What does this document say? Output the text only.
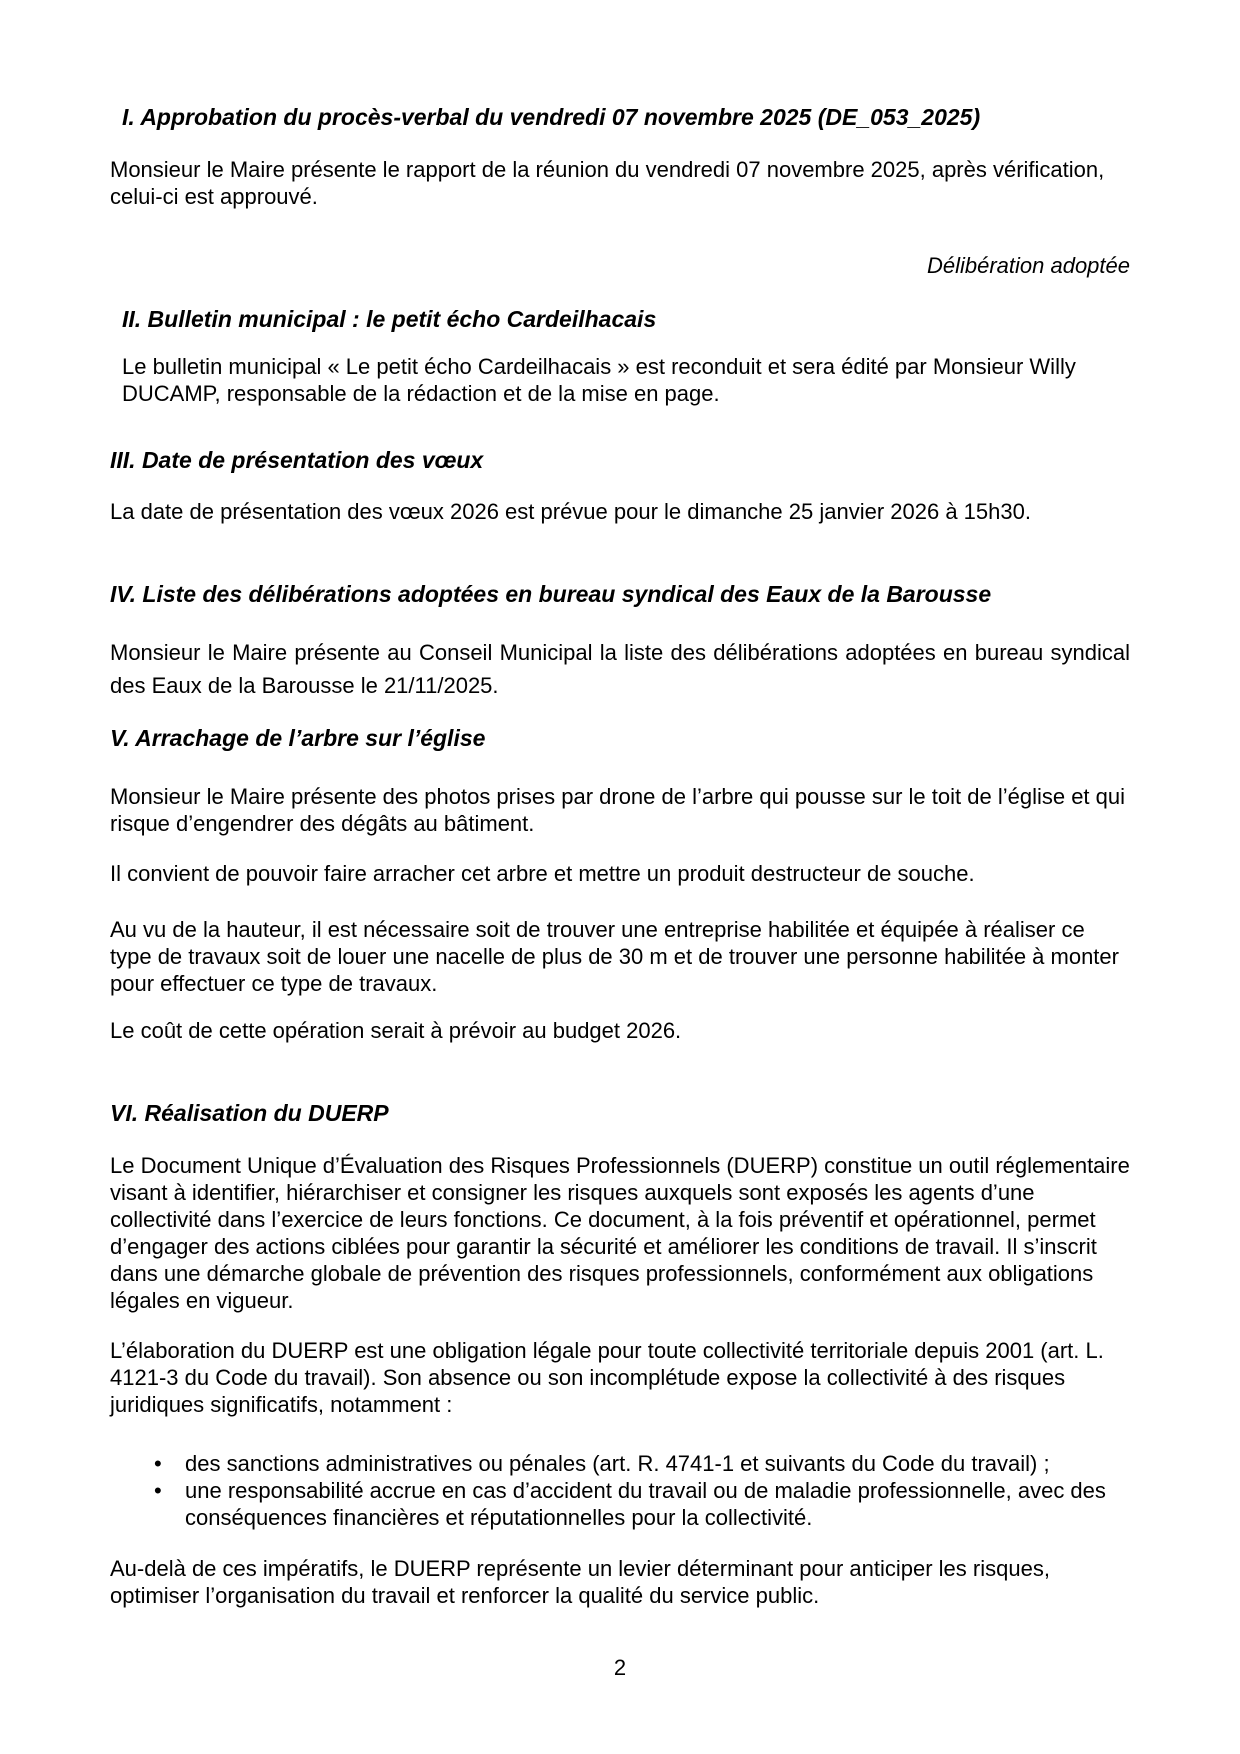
I. Approbation du procès-verbal du vendredi 07 novembre 2025 (DE_053_2025)

Monsieur le Maire présente le rapport de la réunion du vendredi 07 novembre 2025, après vérification, celui-ci est approuvé.

Délibération adoptée

II. Bulletin municipal : le petit écho Cardeilhacais

Le bulletin municipal « Le petit écho Cardeilhacais » est reconduit et sera édité par Monsieur Willy DUCAMP, responsable de la rédaction et de la mise en page.

III. Date de présentation des vœux

La date de présentation des vœux 2026 est prévue pour le dimanche 25 janvier 2026 à 15h30.

IV. Liste des délibérations adoptées en bureau syndical des Eaux de la Barousse

Monsieur le Maire présente au Conseil Municipal la liste des délibérations adoptées en bureau syndical des Eaux de la Barousse le 21/11/2025.

V. Arrachage de l’arbre sur l’église

Monsieur le Maire présente des photos prises par drone de l’arbre qui pousse sur le toit de l’église et qui risque d’engendrer des dégâts au bâtiment.

Il convient de pouvoir faire arracher cet arbre et mettre un produit destructeur de souche.

Au vu de la hauteur, il est nécessaire soit de trouver une entreprise habilitée et équipée à réaliser ce type de travaux soit de louer une nacelle de plus de 30 m et de trouver une personne habilitée à monter pour effectuer ce type de travaux.

Le coût de cette opération serait à prévoir au budget 2026.

VI. Réalisation du DUERP

Le Document Unique d’Évaluation des Risques Professionnels (DUERP) constitue un outil réglementaire visant à identifier, hiérarchiser et consigner les risques auxquels sont exposés les agents d’une collectivité dans l’exercice de leurs fonctions. Ce document, à la fois préventif et opérationnel, permet d’engager des actions ciblées pour garantir la sécurité et améliorer les conditions de travail. Il s’inscrit dans une démarche globale de prévention des risques professionnels, conformément aux obligations légales en vigueur.

L’élaboration du DUERP est une obligation légale pour toute collectivité territoriale depuis 2001 (art. L. 4121-3 du Code du travail). Son absence ou son incomplétude expose la collectivité à des risques juridiques significatifs, notamment :

• des sanctions administratives ou pénales (art. R. 4741-1 et suivants du Code du travail) ;
• une responsabilité accrue en cas d’accident du travail ou de maladie professionnelle, avec des conséquences financières et réputationnelles pour la collectivité.

Au-delà de ces impératifs, le DUERP représente un levier déterminant pour anticiper les risques, optimiser l’organisation du travail et renforcer la qualité du service public.

2
